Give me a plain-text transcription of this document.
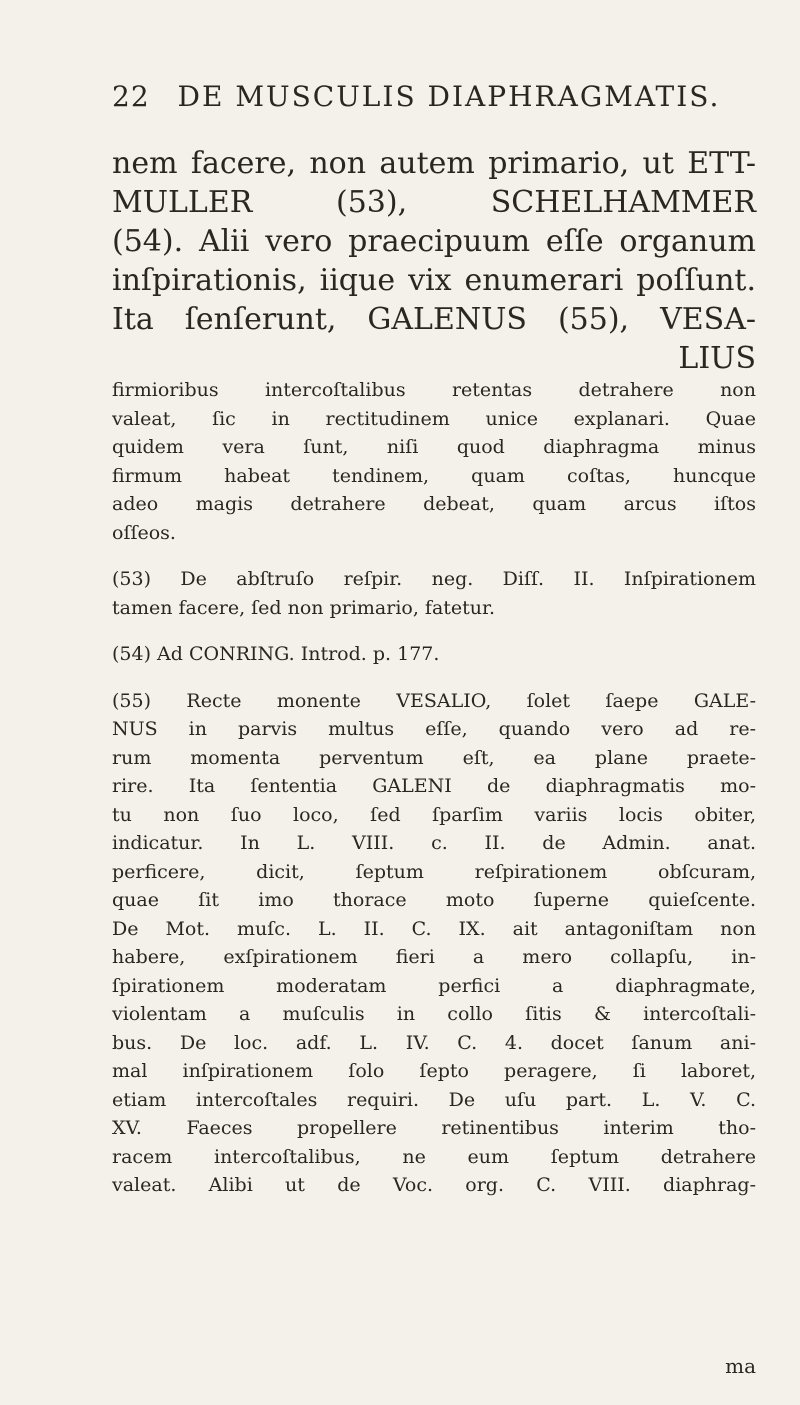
22 DE MUSCULIS DIAPHRAGMATIS.
nem facere, non autem primario, ut ETT-
MULLER (53), SCHELHAMMER
(54). Alii vero praecipuum eſſe organum
inſpirationis, iique vix enumerari poſſunt.
Ita ſenſerunt, GALENUS (55), VESA-
LIUS
firmioribus intercoſtalibus retentas detrahere non
valeat, ſic in rectitudinem unice explanari. Quae
quidem vera ſunt, niſi quod diaphragma minus
firmum habeat tendinem, quam coſtas, huncque
adeo magis detrahere debeat, quam arcus iſtos
oſſeos.
(53) De abſtruſo reſpir. neg. Diſſ. II. Inſpirationem
tamen facere, ſed non primario, fatetur.
(54) Ad CONRING. Introd. p. 177.
(55) Recte monente VESALIO, ſolet ſaepe GALE-
NUS in parvis multus eſſe, quando vero ad re-
rum momenta perventum eſt, ea plane praete-
rire. Ita ſententia GALENI de diaphragmatis mo-
tu non ſuo loco, ſed ſparſim variis locis obiter,
indicatur. In L. VIII. c. II. de Admin. anat.
perficere, dicit, ſeptum reſpirationem obſcuram,
quae ſit imo thorace moto ſuperne quieſcente.
De Mot. muſc. L. II. C. IX. ait antagoniſtam non
habere, exſpirationem fieri a mero collapſu, in-
ſpirationem moderatam perfici a diaphragmate,
violentam a muſculis in collo ſitis & intercoſtali-
bus. De loc. adf. L. IV. C. 4. docet ſanum ani-
mal inſpirationem ſolo ſepto peragere, ſi laboret,
etiam intercoſtales requiri. De uſu part. L. V. C.
XV. Faeces propellere retinentibus interim tho-
racem intercoſtalibus, ne eum ſeptum detrahere
valeat. Alibi ut de Voc. org. C. VIII. diaphrag-
ma
